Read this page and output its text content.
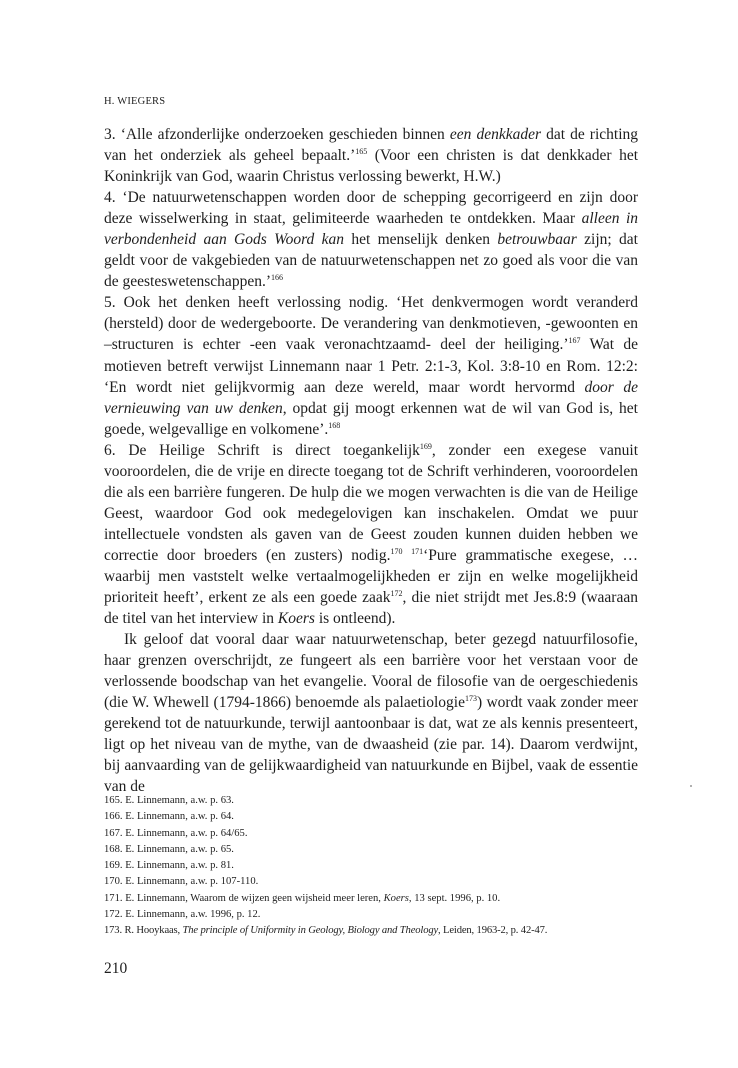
H. WIEGERS

3. ‘Alle afzonderlijke onderzoeken geschieden binnen een denkkader dat de richting van het onderziek als geheel bepaalt.’$^{165}$ (Voor een christen is dat denkkader het Koninkrijk van God, waarin Christus verlossing bewerkt, H.W.)

4. ‘De natuurwetenschappen worden door de schepping gecorrigeerd en zijn door deze wisselwerking in staat, gelimiteerde waarheden te ontdekken. Maar alleen in verbondenheid aan Gods Woord kan het menselijk denken betrouwbaar zijn; dat geldt voor de vakgebieden van de natuurwetenschappen net zo goed als voor die van de geesteswetenschappen.’$^{166}$

5. Ook het denken heeft verlossing nodig. ‘Het denkvermogen wordt veranderd (hersteld) door de wedergeboorte. De verandering van denkmotieven, -gewoonten en –structuren is echter -een vaak veronachtzaamd- deel der heiliging.’$^{167}$ Wat de motieven betreft verwijst Linnemann naar 1 Petr. 2:1-3, Kol. 3:8-10 en Rom. 12:2: ‘En wordt niet gelijkvormig aan deze wereld, maar wordt hervormd door de vernieuwing van uw denken, opdat gij moogt erkennen wat de wil van God is, het goede, welgevallige en volkomene’.$^{168}$

6. De Heilige Schrift is direct toegankelijk$^{169}$, zonder een exegese vanuit vooroordelen, die de vrije en directe toegang tot de Schrift verhinderen, vooroordelen die als een barrière fungeren. De hulp die we mogen verwachten is die van de Heilige Geest, waardoor God ook medegelovigen kan inschakelen. Omdat we puur intellectuele vondsten als gaven van de Geest zouden kunnen duiden hebben we correctie door broeders (en zusters) nodig.$^{170}$ $^{171}$‘Pure grammatische exegese, … waarbij men vaststelt welke vertaalmogelijkheden er zijn en welke mogelijkheid prioriteit heeft’, erkent ze als een goede zaak$^{172}$, die niet strijdt met Jes.8:9 (waaraan de titel van het interview in Koers is ontleend).

Ik geloof dat vooral daar waar natuurwetenschap, beter gezegd natuurfilosofie, haar grenzen overschrijdt, ze fungeert als een barrière voor het verstaan voor de verlossende boodschap van het evangelie. Vooral de filosofie van de oergeschiedenis (die W. Whewell (1794-1866) benoemde als palaetiologie$^{173}$) wordt vaak zonder meer gerekend tot de natuurkunde, terwijl aantoonbaar is dat, wat ze als kennis presenteert, ligt op het niveau van de mythe, van de dwaasheid (zie par. 14). Daarom verdwijnt, bij aanvaarding van de gelijkwaardigheid van natuurkunde en Bijbel, vaak de essentie van de

165. E. Linnemann, a.w. p. 63.
166. E. Linnemann, a.w. p. 64.
167. E. Linnemann, a.w. p. 64/65.
168. E. Linnemann, a.w. p. 65.
169. E. Linnemann, a.w. p. 81.
170. E. Linnemann, a.w. p. 107-110.
171. E. Linnemann, Waarom de wijzen geen wijsheid meer leren, Koers, 13 sept. 1996, p. 10.
172. E. Linnemann, a.w. 1996, p. 12.
173. R. Hooykaas, The principle of Uniformity in Geology, Biology and Theology, Leiden, 1963-2, p. 42-47.
210
